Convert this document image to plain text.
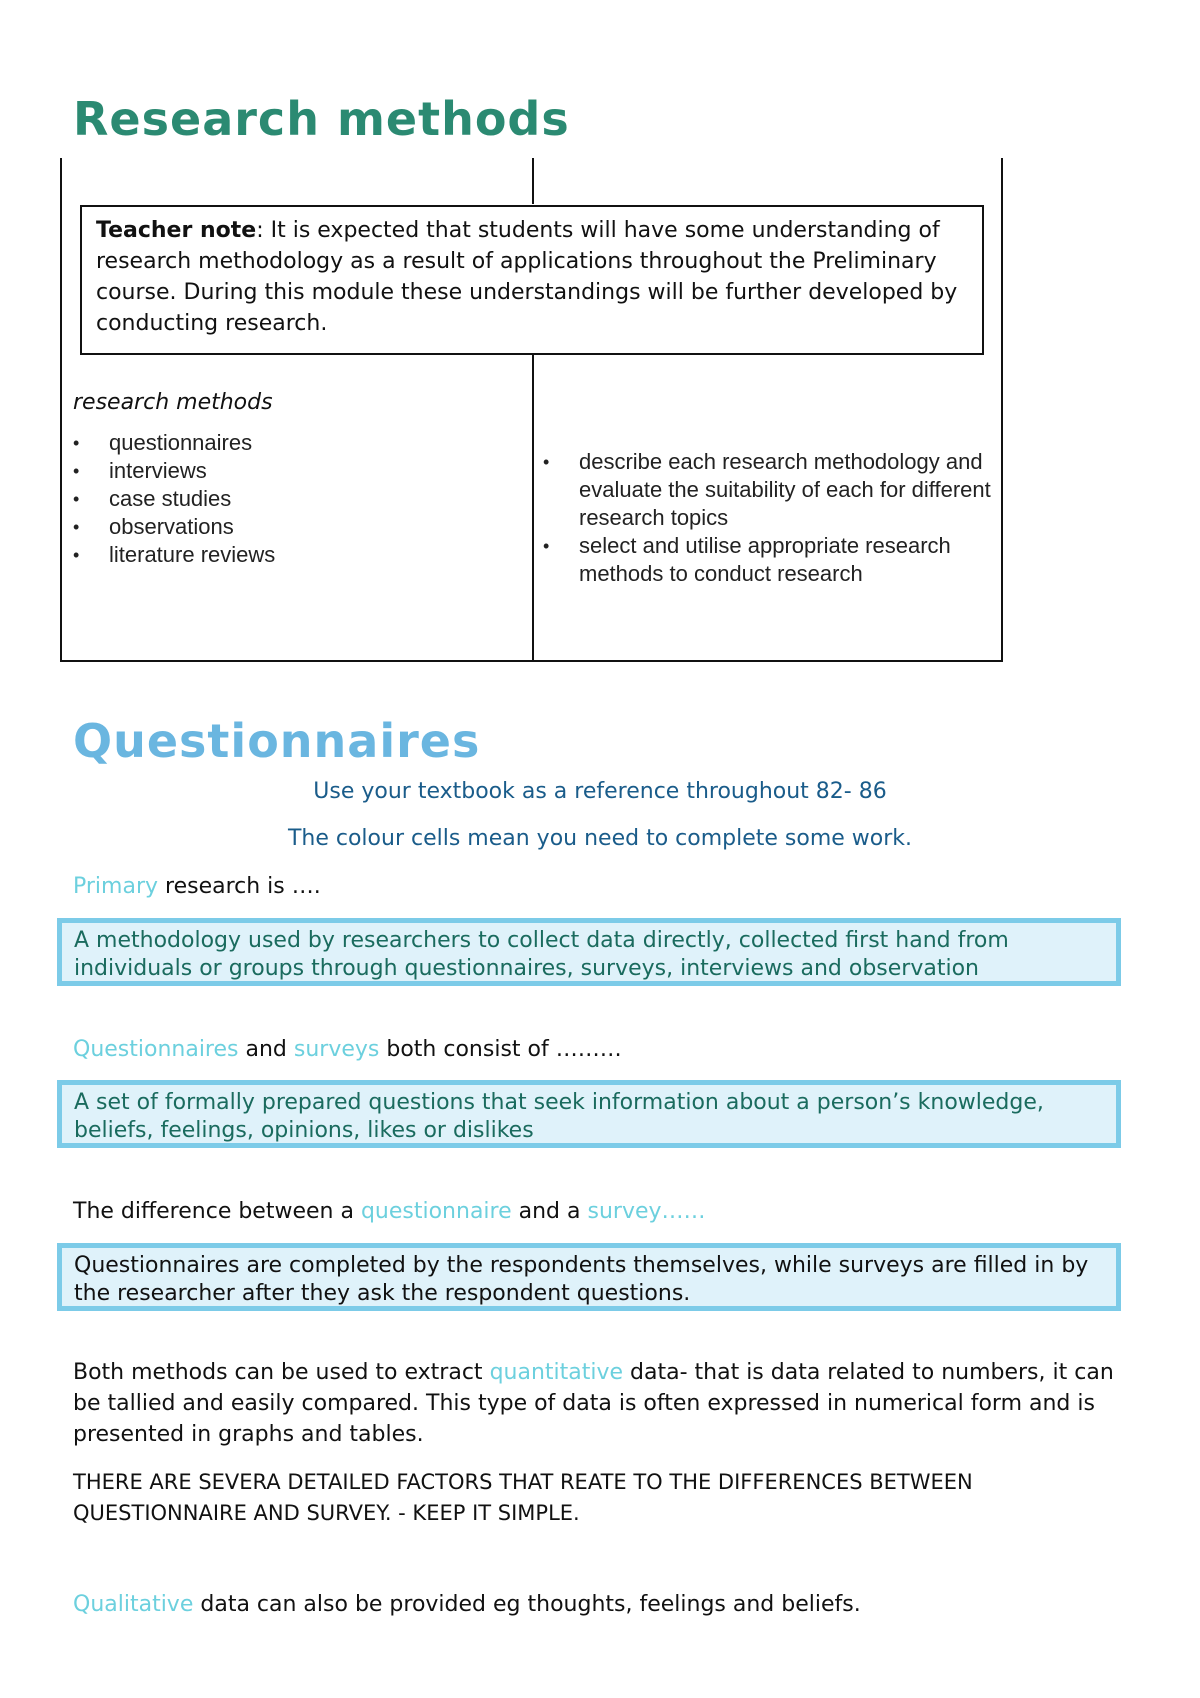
Research methods
Teacher note: It is expected that students will have some understanding of research methodology as a result of applications throughout the Preliminary course. During this module these understandings will be further developed by conducting research.

research methods

• questionnaires
• interviews
• case studies
• observations
• literature reviews
• describe each research methodology and evaluate the suitability of each for different research topics
• select and utilise appropriate research methods to conduct research
Questionnaires
Use your textbook as a reference throughout 82- 86
The colour cells mean you need to complete some work.
Primary research is ….
A methodology used by researchers to collect data directly, collected first hand from individuals or groups through questionnaires, surveys, interviews and observation
Questionnaires and surveys both consist of ………
A set of formally prepared questions that seek information about a person’s knowledge, beliefs, feelings, opinions, likes or dislikes
The difference between a questionnaire and a survey……
Questionnaires are completed by the respondents themselves, while surveys are filled in by the researcher after they ask the respondent questions.
Both methods can be used to extract quantitative data- that is data related to numbers, it can be tallied and easily compared. This type of data is often expressed in numerical form and is presented in graphs and tables.
THERE ARE SEVERA DETAILED FACTORS THAT REATE TO THE DIFFERENCES BETWEEN QUESTIONNAIRE AND SURVEY. - KEEP IT SIMPLE.
Qualitative data can also be provided eg thoughts, feelings and beliefs.
